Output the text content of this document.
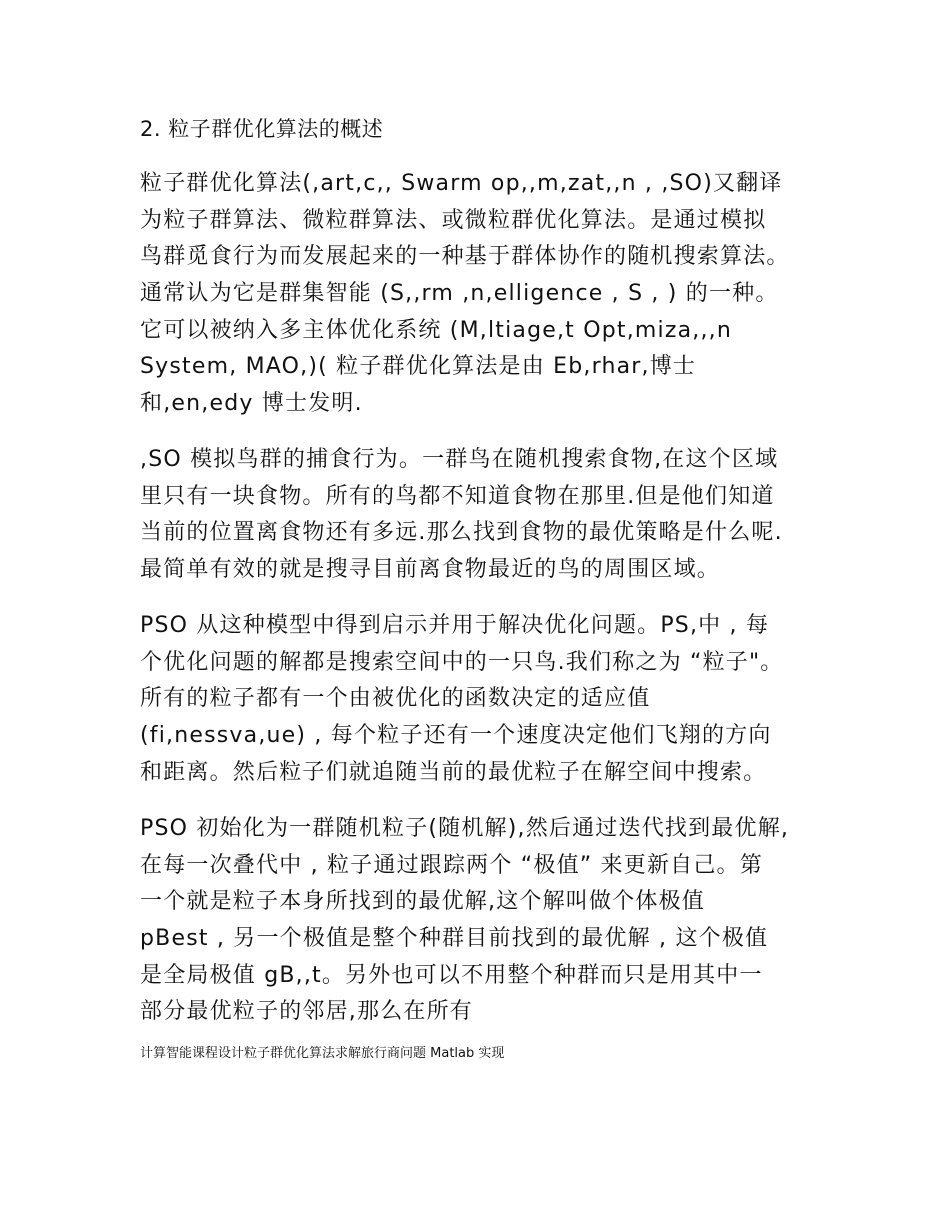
2. 粒子群优化算法的概述
粒子群优化算法(,art,c,, Swarm op,,m,zat,,n , ,SO)又翻译
为粒子群算法、微粒群算法、或微粒群优化算法。是通过模拟
鸟群觅食行为而发展起来的一种基于群体协作的随机搜索算法。
通常认为它是群集智能 (S,,rm ,n,elligence , S , ) 的一种。
它可以被纳入多主体优化系统 (M,ltiage,t Opt,miza,,,n
System, MAO,)( 粒子群优化算法是由 Eb,rhar,博士
和,en,edy 博士发明.
,SO 模拟鸟群的捕食行为。一群鸟在随机搜索食物,在这个区域
里只有一块食物。所有的鸟都不知道食物在那里.但是他们知道
当前的位置离食物还有多远.那么找到食物的最优策略是什么呢.
最简单有效的就是搜寻目前离食物最近的鸟的周围区域。
PSO 从这种模型中得到启示并用于解决优化问题。PS,中 , 每
个优化问题的解都是搜索空间中的一只鸟.我们称之为 “粒子"。
所有的粒子都有一个由被优化的函数决定的适应值
(fi,nessva,ue) , 每个粒子还有一个速度决定他们飞翔的方向
和距离。然后粒子们就追随当前的最优粒子在解空间中搜索。
PSO 初始化为一群随机粒子(随机解),然后通过迭代找到最优解,
在每一次叠代中 , 粒子通过跟踪两个 “极值” 来更新自己。第
一个就是粒子本身所找到的最优解,这个解叫做个体极值
pBest , 另一个极值是整个种群目前找到的最优解 , 这个极值
是全局极值 gB,,t。另外也可以不用整个种群而只是用其中一
部分最优粒子的邻居,那么在所有
计算智能课程设计粒子群优化算法求解旅行商问题 Matlab 实现
